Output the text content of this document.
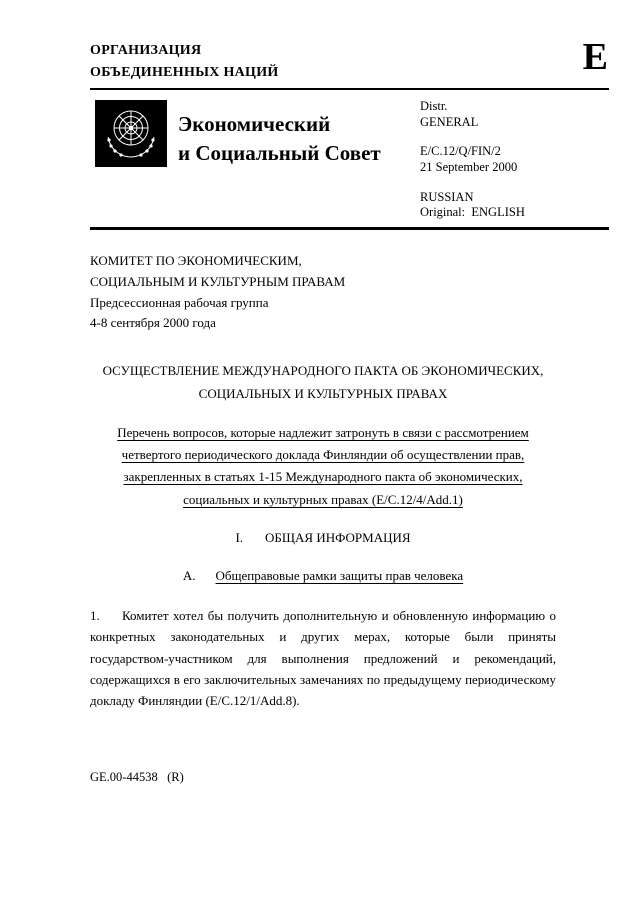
ОРГАНИЗАЦИЯ
ОБЪЕДИНЕННЫХ НАЦИЙ	E
Экономический
и Социальный Совет
Distr.
GENERAL
E/C.12/Q/FIN/2
21 September 2000
RUSSIAN
Original:  ENGLISH
КОМИТЕТ ПО ЭКОНОМИЧЕСКИМ,
СОЦИАЛЬНЫМ И КУЛЬТУРНЫМ ПРАВАМ
Предсессионная рабочая группа
4-8 сентября 2000 года
ОСУЩЕСТВЛЕНИЕ МЕЖДУНАРОДНОГО ПАКТА ОБ ЭКОНОМИЧЕСКИХ,
СОЦИАЛЬНЫХ И КУЛЬТУРНЫХ ПРАВАХ
Перечень вопросов, которые надлежит затронуть в связи с рассмотрением
четвертого периодического доклада Финляндии об осуществлении прав,
закрепленных в статьях 1-15 Международного пакта об экономических,
социальных и культурных правах (E/C.12/4/Add.1)
I. ОБЩАЯ ИНФОРМАЦИЯ
A. Общеправовые рамки защиты прав человека
1. Комитет хотел бы получить дополнительную и обновленную информацию о конкретных законодательных и других мерах, которые были приняты государством-участником для выполнения предложений и рекомендаций, содержащихся в его заключительных замечаниях по предыдущему периодическому докладу Финляндии (E/C.12/1/Add.8).
GE.00-44538   (R)
